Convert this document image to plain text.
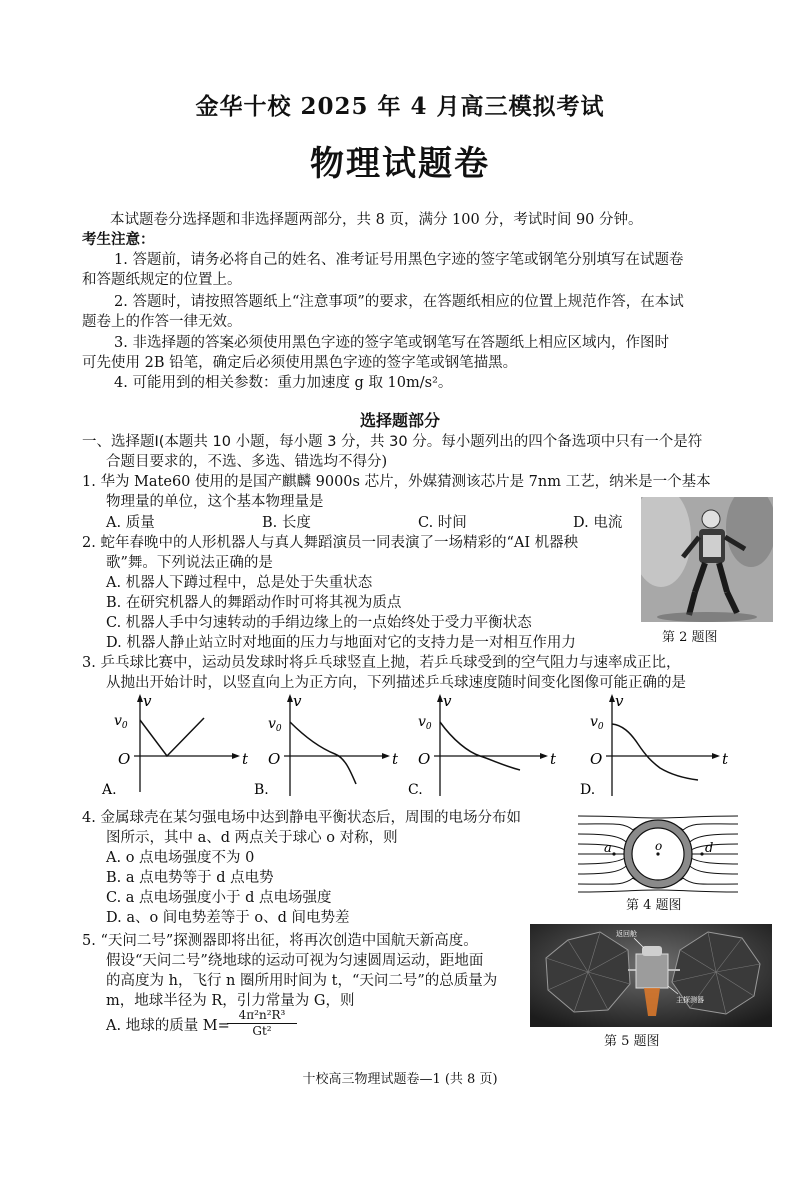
金华十校 2025 年 4 月高三模拟考试
物理试题卷
本试题卷分选择题和非选择题两部分，共 8 页，满分 100 分，考试时间 90 分钟。
考生注意：
1. 答题前，请务必将自己的姓名、准考证号用黑色字迹的签字笔或钢笔分别填写在试题卷
和答题纸规定的位置上。
2. 答题时，请按照答题纸上“注意事项”的要求，在答题纸相应的位置上规范作答，在本试
题卷上的作答一律无效。
3. 非选择题的答案必须使用黑色字迹的签字笔或钢笔写在答题纸上相应区域内，作图时
可先使用 2B 铅笔，确定后必须使用黑色字迹的签字笔或钢笔描黑。
4. 可能用到的相关参数：重力加速度 g 取 10m/s²。
选择题部分
一、选择题Ⅰ(本题共 10 小题，每小题 3 分，共 30 分。每小题列出的四个备选项中只有一个是符
合题目要求的，不选、多选、错选均不得分)
1. 华为 Mate60 使用的是国产麒麟 9000s 芯片，外媒猜测该芯片是 7nm 工艺，纳米是一个基本
物理量的单位，这个基本物理量是
A. 质量	B. 长度	C. 时间	D. 电流
2. 蛇年春晚中的人形机器人与真人舞蹈演员一同表演了一场精彩的“AI 机器秧
歌”舞。下列说法正确的是
A. 机器人下蹲过程中，总是处于失重状态
B. 在研究机器人的舞蹈动作时可将其视为质点
C. 机器人手中匀速转动的手绢边缘上的一点始终处于受力平衡状态
D. 机器人静止站立时对地面的压力与地面对它的支持力是一对相互作用力	第 2 题图
3. 乒乓球比赛中，运动员发球时将乒乓球竖直上抛，若乒乓球受到的空气阻力与速率成正比，
从抛出开始计时，以竖直向上为正方向，下列描述乒乓球速度随时间变化图像可能正确的是
v
$v_0$
O	t
A.
v
$v_0$
O	t
B.
v
$v_0$
O	t
C.
v
$v_0$
O	t
D.
4. 金属球壳在某匀强电场中达到静电平衡状态后，周围的电场分布如
图所示，其中 a、d 两点关于球心 o 对称，则
A. o 点电场强度不为 0
B. a 点电势等于 d 点电势
C. a 点电场强度小于 d 点电场强度
D. a、o 间电势差等于 o、d 间电势差
a	o	d
第 4 题图
5. “天问二号”探测器即将出征，将再次创造中国航天新高度。
假设“天问二号”绕地球的运动可视为匀速圆周运动，距地面
的高度为 h，飞行 n 圈所用时间为 t，“天问二号”的总质量为
m，地球半径为 R，引力常量为 G，则
A. 地球的质量 M=
$\frac{\text{4π²n²R³}}{\text{Gt²}}$
返回舱
主探测器
第 5 题图
十校高三物理试题卷—1 (共 8 页)
